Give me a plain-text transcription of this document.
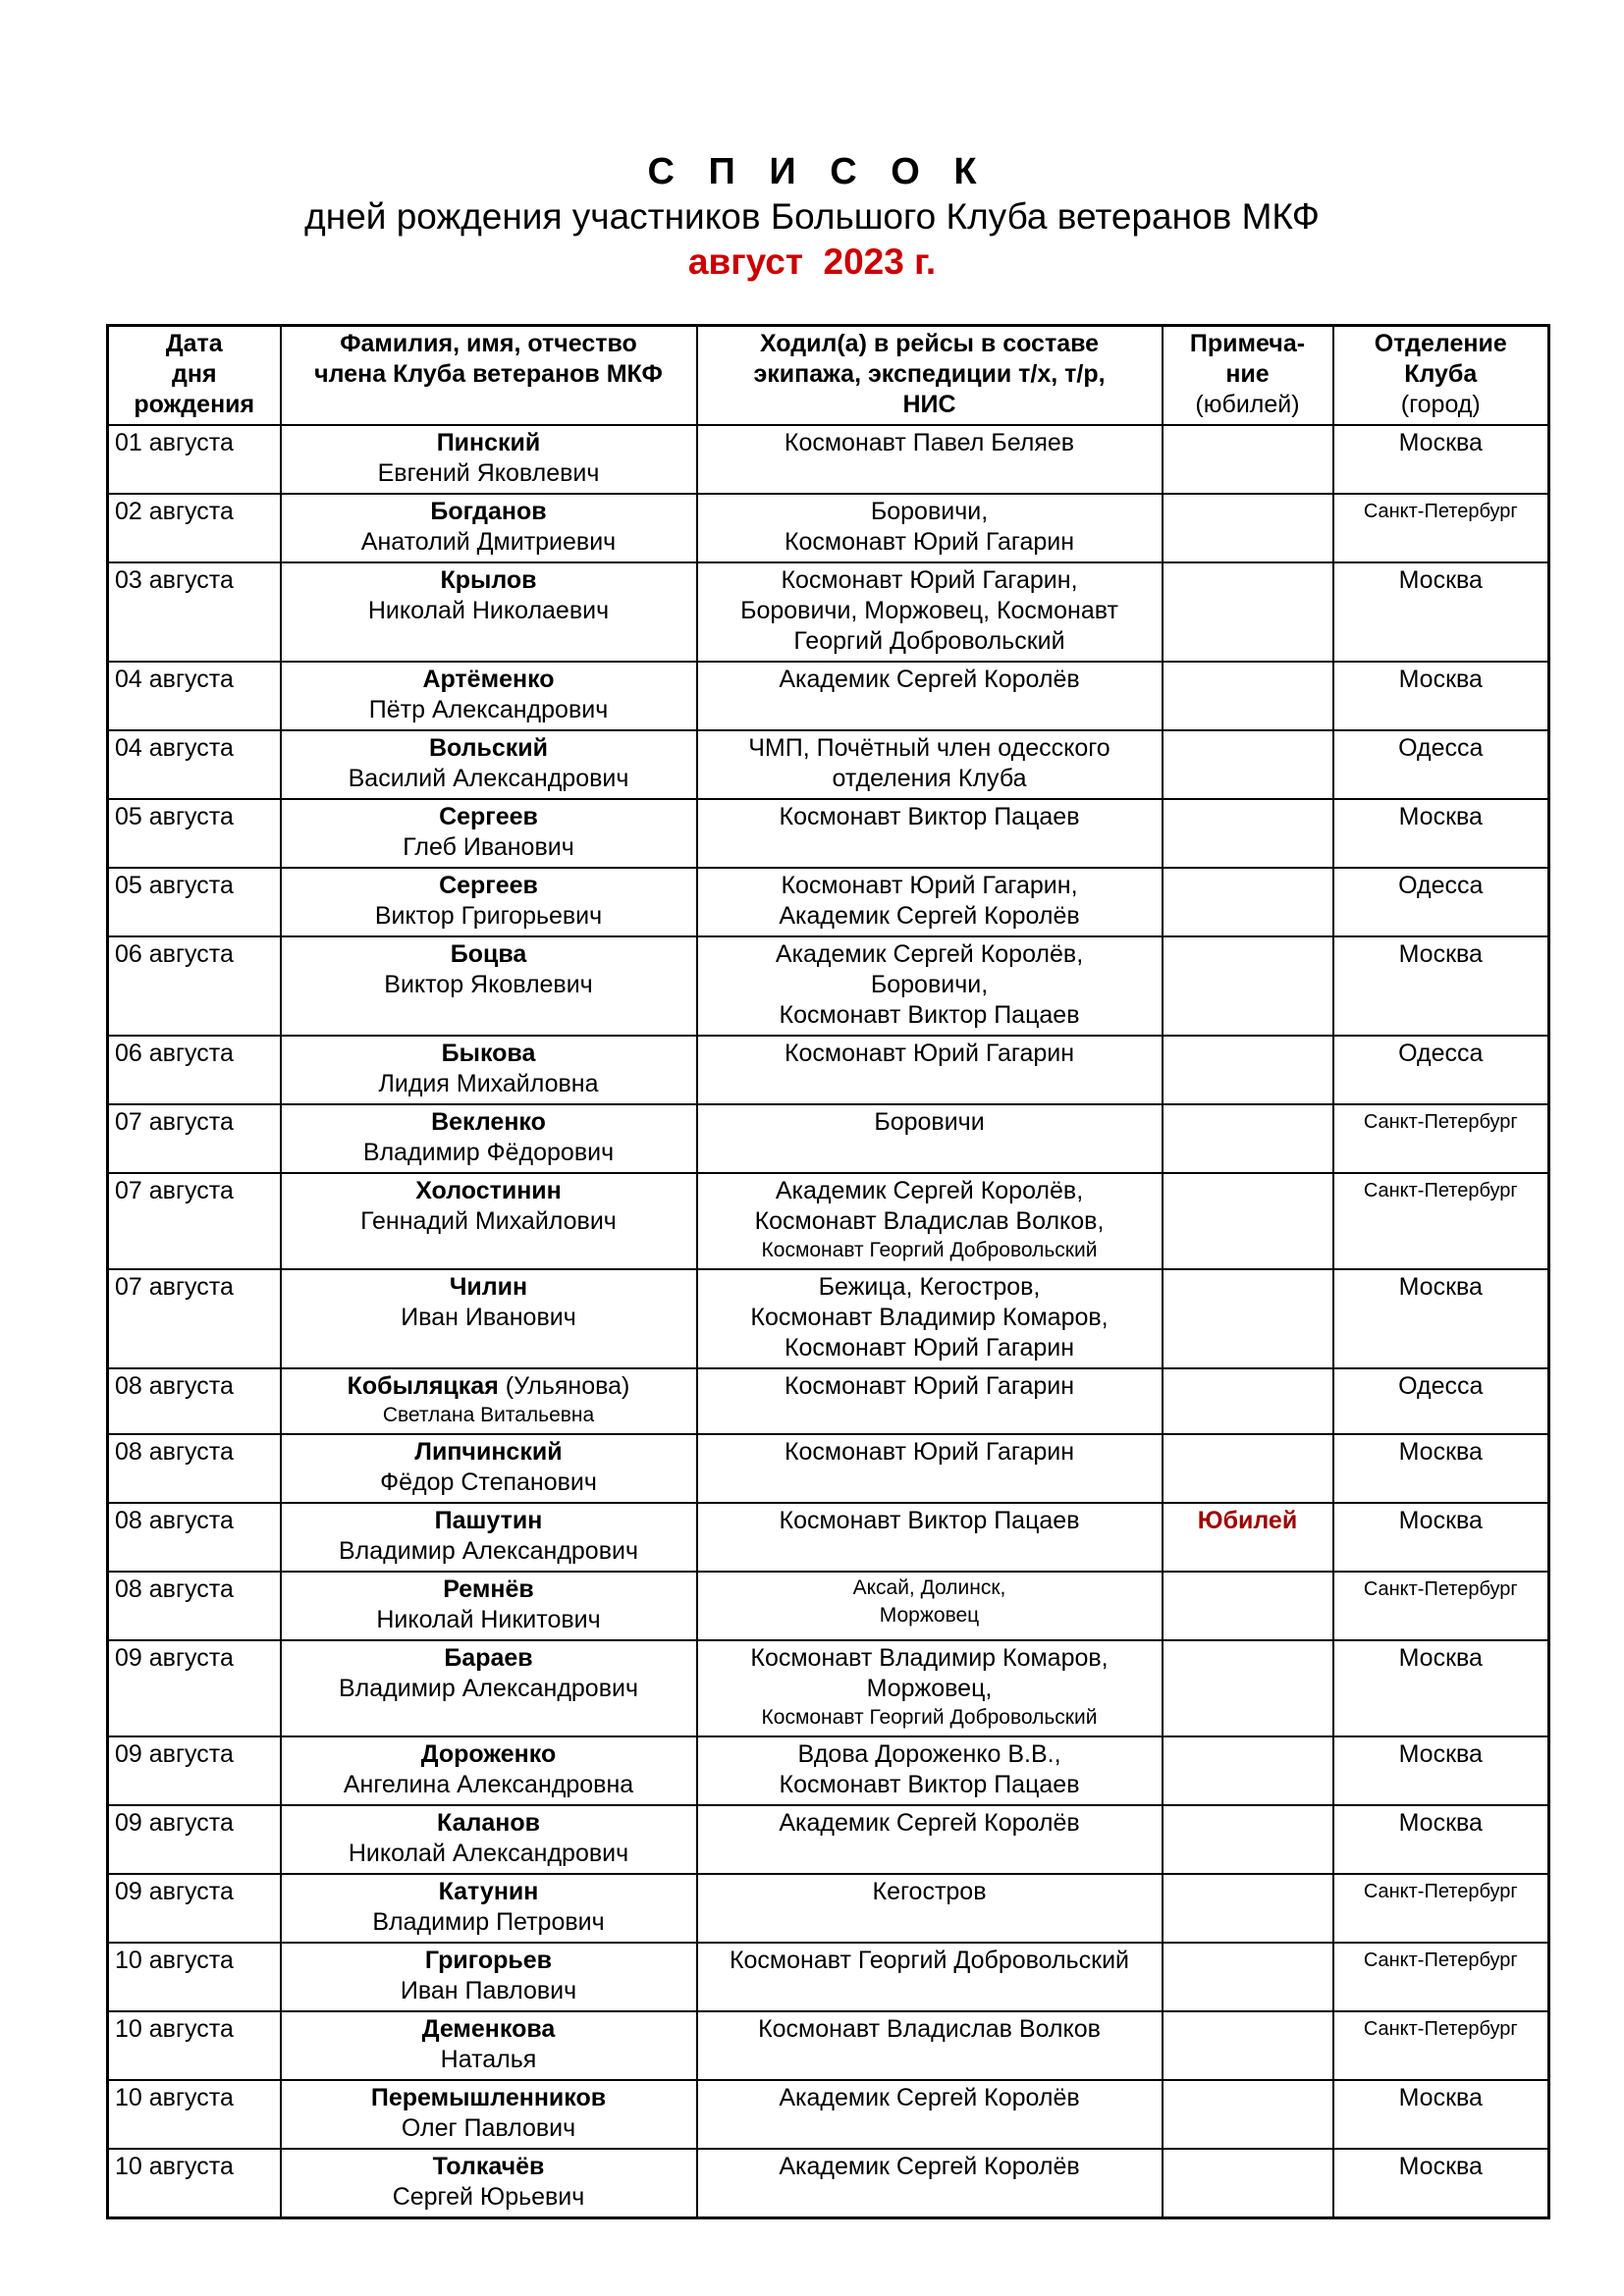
С П И С О К

дней рождения участников Большого Клуба ветеранов МКФ

август  2023 г.

Дата
дня
рождения	Фамилия, имя, отчество
члена Клуба ветеранов МКФ	Ходил(а) в рейсы в составе
экипажа, экспедиции т/х, т/р,
НИС	Примеча-
ние
(юбилей)	Отделение
Клуба
(город)
01 августа	Пинский
Евгений Яковлевич	Космонавт Павел Беляев		Москва
02 августа	Богданов
Анатолий Дмитриевич	Боровичи,
Космонавт Юрий Гагарин		Санкт-Петербург

03 августа	Крылов
Николай Николаевич	Космонавт Юрий Гагарин,
Боровичи, Моржовец, Космонавт
Георгий Добровольский		Москва
04 августа	Артёменко
Пётр Александрович	Академик Сергей Королёв		Москва
04 августа	Вольский
Василий Александрович	ЧМП, Почётный член одесского
отделения Клуба		Одесса
05 августа	Сергеев
Глеб Иванович	Космонавт Виктор Пацаев		Москва
05 августа	Сергеев
Виктор Григорьевич	Космонавт Юрий Гагарин,
Академик Сергей Королёв		Одесса
06 августа	Боцва
Виктор Яковлевич	Академик Сергей Королёв,
Боровичи,
Космонавт Виктор Пацаев		Москва
06 августа	Быкова
Лидия Михайловна	Космонавт Юрий Гагарин		Одесса
07 августа	Векленко
Владимир Фёдорович	Боровичи		Санкт-Петербург

07 августа	Холостинин
Геннадий Михайлович	Академик Сергей Королёв,
Космонавт Владислав Волков,
Космонавт Георгий Добровольский		Санкт-Петербург

07 августа	Чилин
Иван Иванович	Бежица, Кегостров,
Космонавт Владимир Комаров,
Космонавт Юрий Гагарин		Москва
08 августа	Кобыляцкая (Ульянова)
Светлана Витальевна	Космонавт Юрий Гагарин		Одесса
08 августа	Липчинский
Фёдор Степанович	Космонавт Юрий Гагарин		Москва
08 августа	Пашутин
Владимир Александрович	Космонавт Виктор Пацаев	Юбилей	Москва
08 августа	Ремнёв
Николай Никитович	Аксай, Долинск,
Моржовец		Санкт-Петербург

09 августа	Бараев
Владимир Александрович	Космонавт Владимир Комаров,
Моржовец,
Космонавт Георгий Добровольский		Москва
09 августа	Дороженко
Ангелина Александровна	Вдова Дороженко В.В.,
Космонавт Виктор Пацаев		Москва
09 августа	Каланов
Николай Александрович	Академик Сергей Королёв		Москва
09 августа	Катунин
Владимир Петрович	Кегостров		Санкт-Петербург

10 августа	Григорьев
Иван Павлович	Космонавт Георгий Добровольский		Санкт-Петербург

10 августа	Деменкова
Наталья	Космонавт Владислав Волков		Санкт-Петербург

10 августа	Перемышленников
Олег Павлович	Академик Сергей Королёв		Москва
10 августа	Толкачёв
Сергей Юрьевич	Академик Сергей Королёв		Москва
